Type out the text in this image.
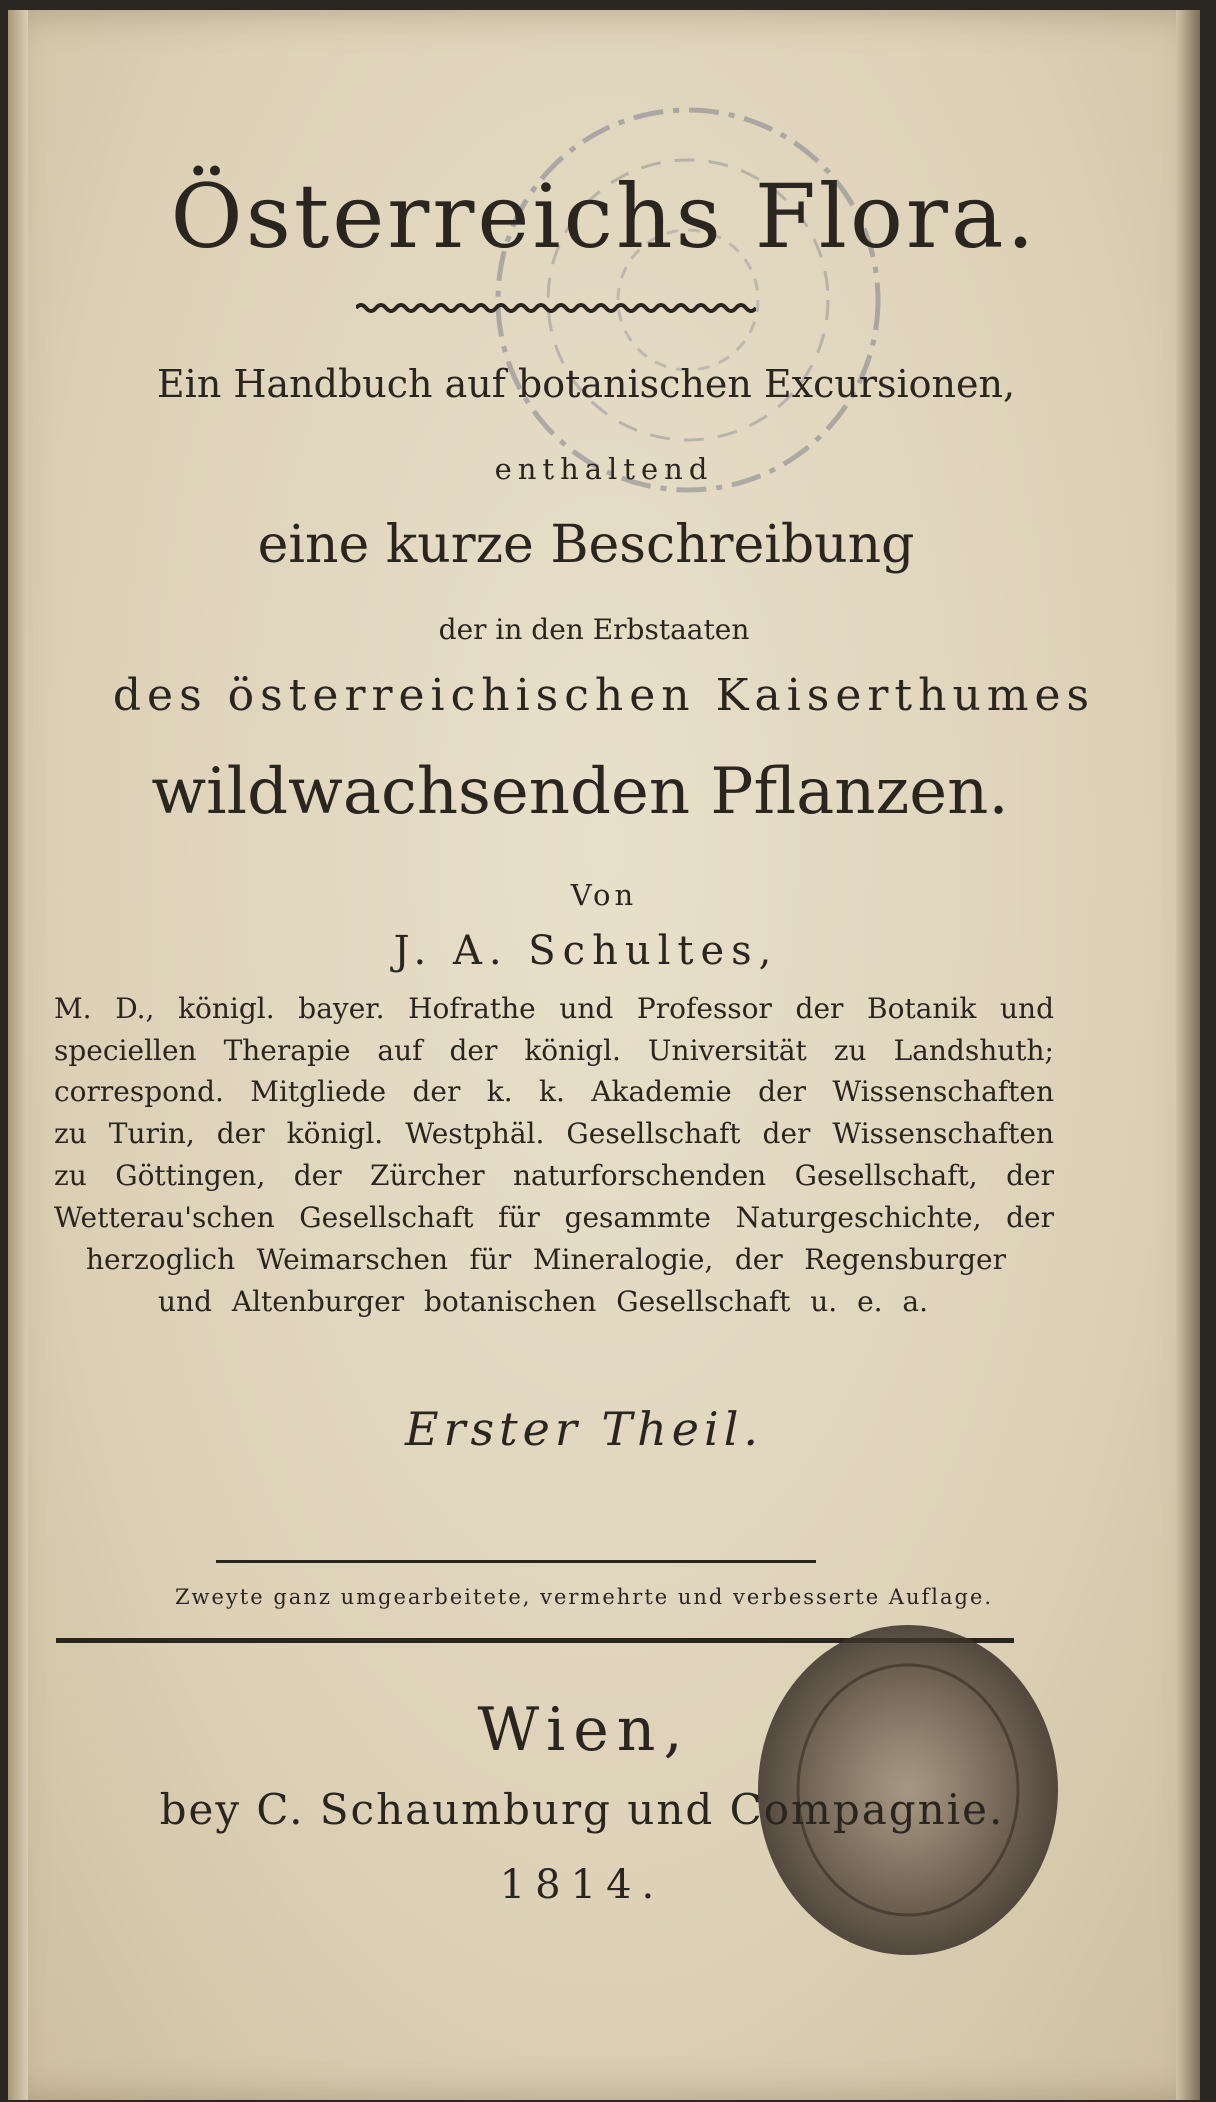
Österreichs Flora.

Ein Handbuch auf botanischen Excursionen,

enthaltend

eine kurze Beschreibung

der in den Erbstaaten

des österreichischen Kaiserthumes

wildwachsenden Pflanzen.

Von

J. A. Schultes,

M. D., königl. bayer. Hofrathe und Professor der Botanik und
speciellen Therapie auf der königl. Universität zu Landshuth;
correspond. Mitgliede der k. k. Akademie der Wissenschaften
zu Turin, der königl. Westphäl. Gesellschaft der Wissenschaften
zu Göttingen, der Zürcher naturforschenden Gesellschaft, der
Wetterau'schen Gesellschaft für gesammte Naturgeschichte, der
herzoglich Weimarschen für Mineralogie, der Regensburger
und Altenburger botanischen Gesellschaft u. e. a.

Erster Theil.

Zweyte ganz umgearbeitete, vermehrte und verbesserte Auflage.

Wien,

bey C. Schaumburg und Compagnie.

1814.
